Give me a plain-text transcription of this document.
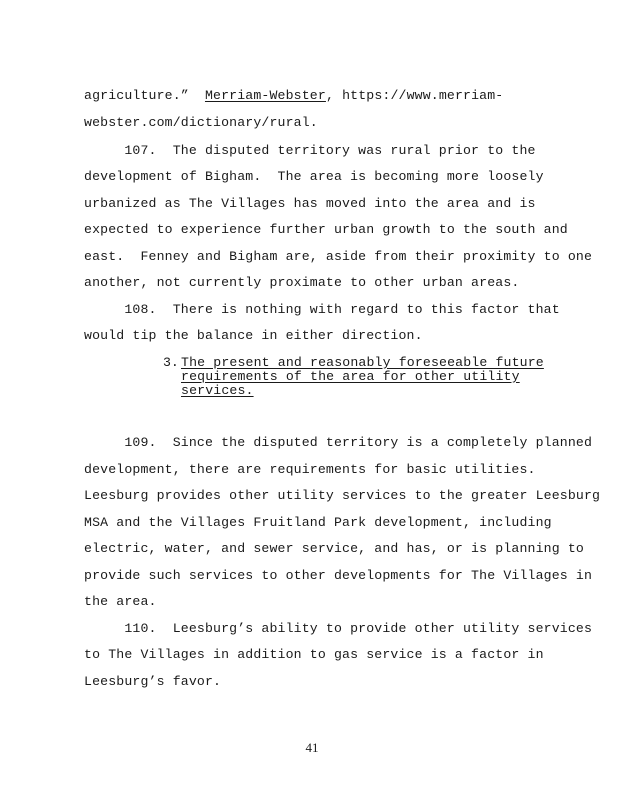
agriculture.”  Merriam-Webster, https://www.merriam-
webster.com/dictionary/rural.
107.  The disputed territory was rural prior to the
development of Bigham.  The area is becoming more loosely
urbanized as The Villages has moved into the area and is
expected to experience further urban growth to the south and
east.  Fenney and Bigham are, aside from their proximity to one
another, not currently proximate to other urban areas.
108.  There is nothing with regard to this factor that
would tip the balance in either direction.
3. The present and reasonably foreseeable future
requirements of the area for other utility
services.
109.  Since the disputed territory is a completely planned
development, there are requirements for basic utilities.
Leesburg provides other utility services to the greater Leesburg
MSA and the Villages Fruitland Park development, including
electric, water, and sewer service, and has, or is planning to
provide such services to other developments for The Villages in
the area.
110.  Leesburg’s ability to provide other utility services
to The Villages in addition to gas service is a factor in
Leesburg’s favor.
41
